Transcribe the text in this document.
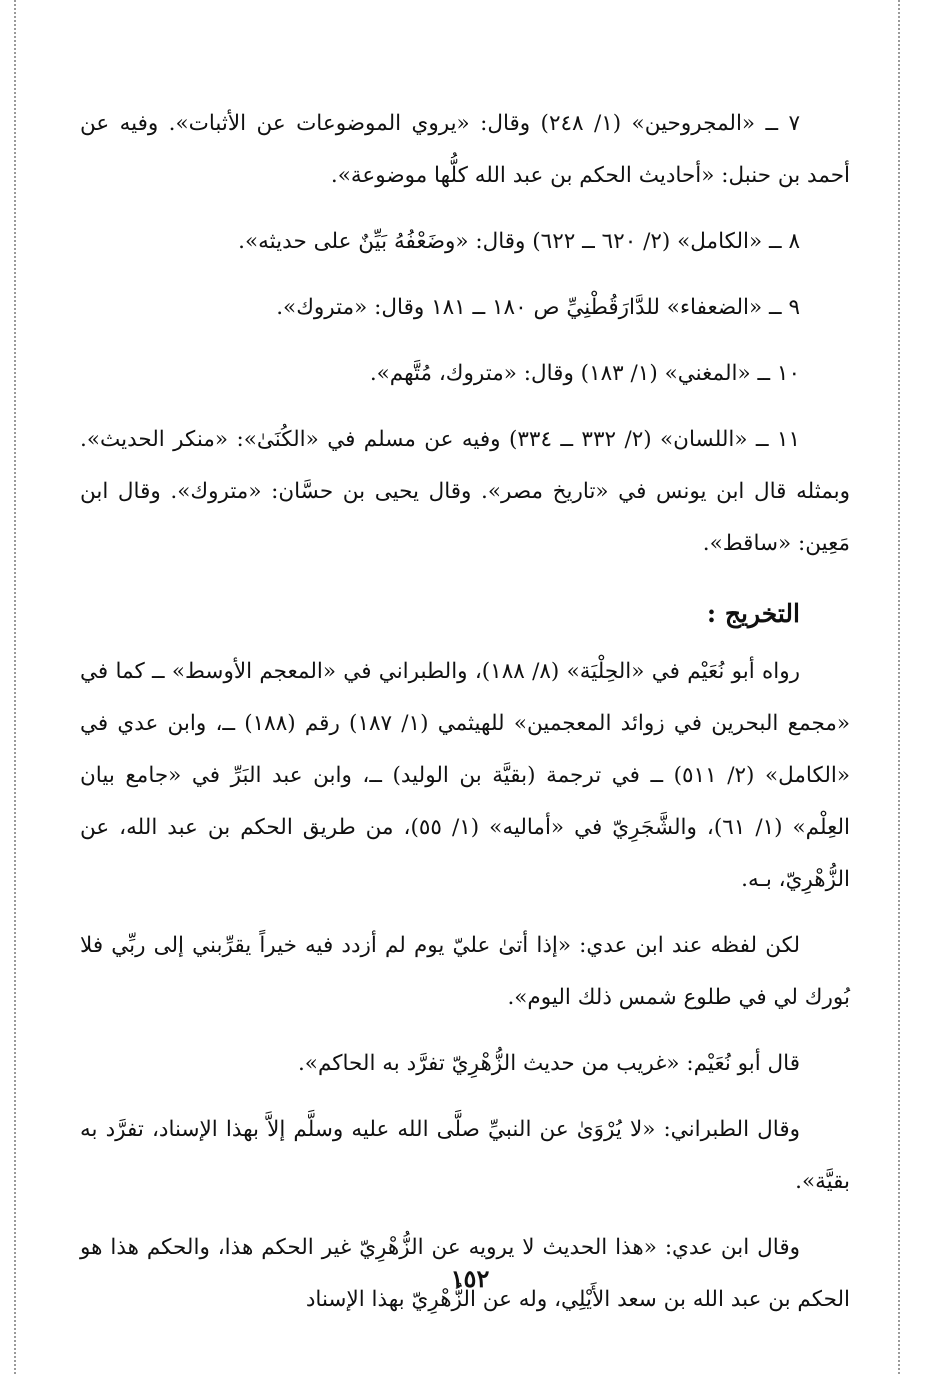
٧ ــ «المجروحين» (١/ ٢٤٨) وقال: «يروي الموضوعات عن الأثبات». وفيه عن أحمد بن حنبل: «أحاديث الحكم بن عبد الله كلُّها موضوعة».

٨ ــ «الكامل» (٢/ ٦٢٠ ــ ٦٢٢) وقال: «وضَعْفُهُ بَيِّنٌ على حديثه».

٩ ــ «الضعفاء» للدَّارَقُطْنِيِّ ص ١٨٠ ــ ١٨١ وقال: «متروك».

١٠ ــ «المغني» (١/ ١٨٣) وقال: «متروك، مُتَّهم».

١١ ــ «اللسان» (٢/ ٣٣٢ ــ ٣٣٤) وفيه عن مسلم في «الكُنَىٰ»: «منكر الحديث». وبمثله قال ابن يونس في «تاريخ مصر». وقال يحيى بن حسَّان: «متروك». وقال ابن مَعِين: «ساقط».

التخريج :

رواه أبو نُعَيْم في «الحِلْيَة» (٨/ ١٨٨)، والطبراني في «المعجم الأوسط» ــ كما في «مجمع البحرين في زوائد المعجمين» للهيثمي (١/ ١٨٧) رقم (١٨٨) ــ، وابن عدي في «الكامل» (٢/ ٥١١) ــ في ترجمة (بقيَّة بن الوليد) ــ، وابن عبد البَرِّ في «جامع بيان العِلْم» (١/ ٦١)، والشَّجَرِيّ في «أماليه» (١/ ٥٥)، من طريق الحكم بن عبد الله، عن الزُّهْرِيّ، بـه.

لكن لفظه عند ابن عدي: «إذا أتىٰ عليّ يوم لم أزدد فيه خيراً يقرِّبني إلى ربِّي فلا بُورك لي في طلوع شمس ذلك اليوم».

قال أبو نُعَيْم: «غريب من حديث الزُّهْرِيّ تفرَّد به الحاكم».

وقال الطبراني: «لا يُرْوَىٰ عن النبيِّ صلَّى الله عليه وسلَّم إلاَّ بهذا الإسناد، تفرَّد به بقيَّة».

وقال ابن عدي: «هذا الحديث لا يرويه عن الزُّهْرِيّ غير الحكم هذا، والحكم هذا هو الحكم بن عبد الله بن سعد الأَيْلِي، وله عن الزُّهْرِيّ بهذا الإسناد

١٥٢
